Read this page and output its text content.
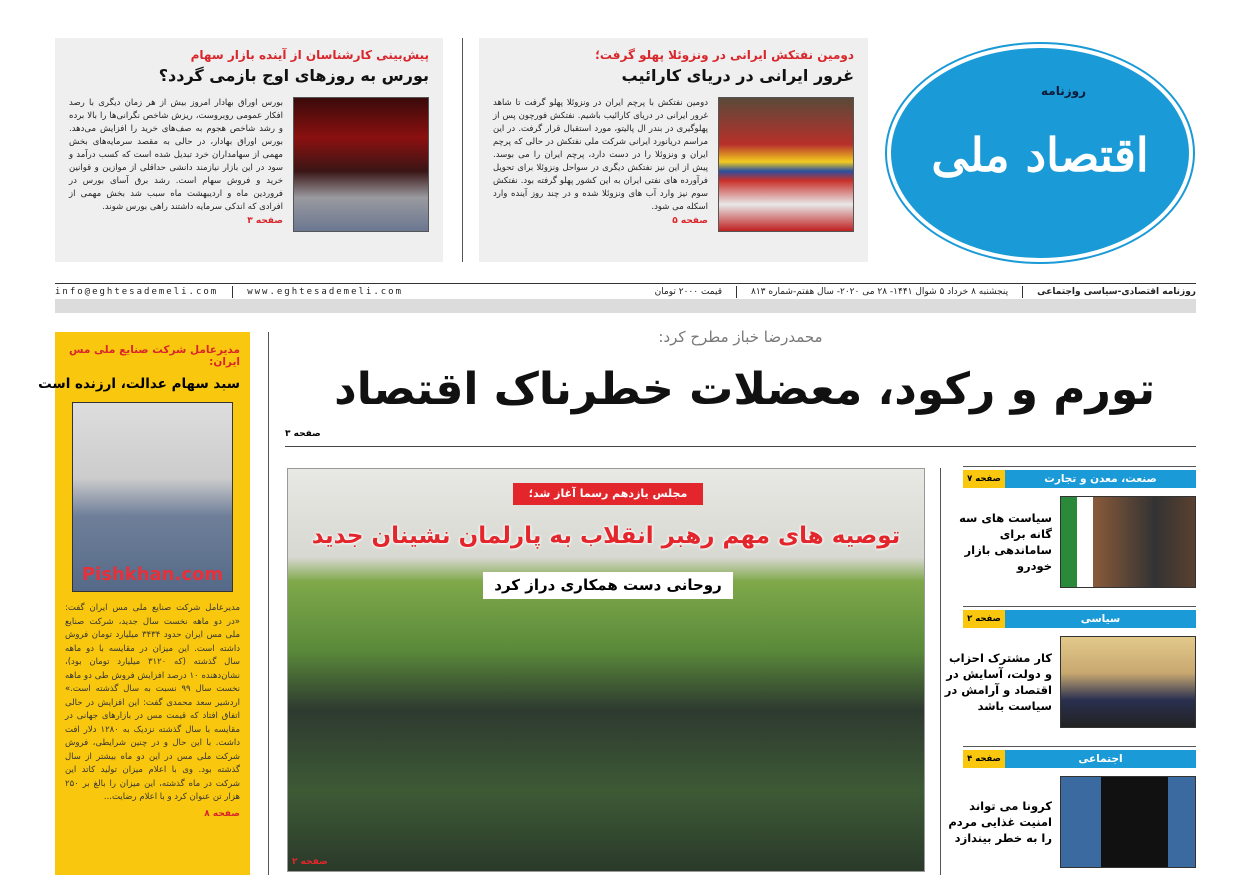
پیش‌بینی کارشناسان از آینده بازار سهام
بورس به روزهای اوج بازمی گردد؟
بورس اوراق بهادار امروز بیش از هر زمان دیگری با رصد افکار عمومی روبروست، ریزش شاخص نگرانی‌ها را بالا برده و رشد شاخص هجوم به صف‌های خرید را افزایش می‌دهد. بورس اوراق بهادار، در حالی به مقصد سرمایه‌های بخش مهمی از سهامداران خرد تبدیل شده است که کسب درآمد و سود در این بازار نیازمند دانشی حداقلی از موازین و قوانین خرید و فروش سهام است. رشد برق آسای بورس در فروردین ماه و اردیبهشت ماه سبب شد بخش مهمی از افرادی که اندکی سرمایه داشتند راهی بورس شوند.
صفحه ۳
دومین نفتکش ایرانی در ونزوئلا پهلو گرفت؛
غرور ایرانی در دریای کارائیب
دومین نفتکش با پرچم ایران در ونزوئلا پهلو گرفت تا شاهد غرور ایرانی در دریای کارائیب باشیم. نفتکش فورچون پس از پهلوگیری در بندر ال پالیتو، مورد استقبال قرار گرفت. در این مراسم دریانورد ایرانی شرکت ملی نفتکش در حالی که پرچم ایران و ونزوئلا را در دست دارد، پرچم ایران را می بوسد. پیش از این نیز نفتکش دیگری در سواحل ونزوئلا برای تحویل فرآورده های نفتی ایران به این کشور پهلو گرفته بود. نفتکش سوم نیز وارد آب های ونزوئلا شده و در چند روز آینده وارد اسکله می شود.
صفحه ۵
روزنامه
اقتصاد ملی
روزنامه اقتصادی-سیاسی واجتماعی
پنجشنبه ۸ خرداد ۵ شوال ۱۴۴۱- ۲۸ می ۲۰۲۰- سال هفتم-شماره ۸۱۳
قیمت ۲۰۰۰ تومان
www.eghtesademeli.com
info@eghtesademeli.com
مدیرعامل شرکت صنایع ملی مس ایران:
سبد سهام عدالت، ارزنده است
Pishkhan.com
مدیرعامل شرکت صنایع ملی مس ایران گفت: «در دو ماهه نخست سال جدید، شرکت صنایع ملی مس ایران حدود ۳۴۳۴ میلیارد تومان فروش داشته است. این میزان در مقایسه با دو ماهه سال گذشته (که ۳۱۲۰ میلیارد تومان بود)، نشان‌دهنده ۱۰ درصد افزایش فروش طی دو ماهه نخست سال ۹۹ نسبت به سال گذشته است.» اردشیر سعد محمدی گفت: این افزایش در حالی اتفاق افتاد که قیمت مس در بازارهای جهانی در مقایسه با سال گذشته نزدیک به ۱۲۸۰ دلار افت داشت. با این حال و در چنین شرایطی، فروش شرکت ملی مس در این دو ماه بیشتر از سال گذشته بود. وی با اعلام میزان تولید کاتد این شرکت در ماه گذشته، این میزان را بالغ بر ۲۵۰ هزار تن عنوان کرد و با اعلام رضایت...
صفحه ۸
محمدرضا خباز مطرح کرد:
تورم و رکود، معضلات خطرناک اقتصاد
صفحه ۳
مجلس یازدهم رسما آغاز شد؛
توصیه های مهم رهبر انقلاب به پارلمان نشینان جدید
روحانی دست همکاری دراز کرد
صفحه ۲
صفحه ۷	صنعت، معدن و تجارت
سیاست های سه گانه برای ساماندهی بازار خودرو
صفحه ۲	سیاسی
کار مشترک احزاب و دولت، آسایش در اقتصاد و آرامش در سیاست باشد
صفحه ۴	اجتماعی
کرونا می تواند امنیت غذایی مردم را به خطر بیندازد
